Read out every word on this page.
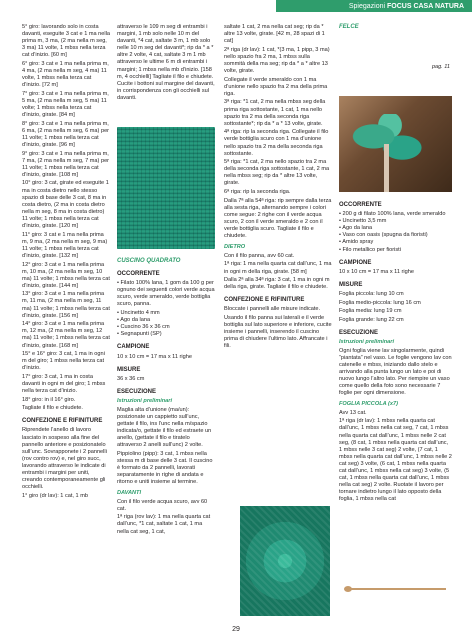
Spiegazioni FOCUS CASA NATURA

5° giro: lavorando solo in costa davanti, eseguite 3 cat e 1 ma nella prima m, 3 ma, (2 ma nella m seg, 3 ma) 11 volte, 1 mbss nella terza cat d’inizio. [60 m]

6° giro: 3 cat e 1 ma nella prima m, 4 ma, (2 ma nella m seg, 4 ma) 11 volte, 1 mbss nella terza cat d’inizio. [72 m]

7° giro: 3 cat e 1 ma nella prima m, 5 ma, (2 ma nella m seg, 5 ma) 11 volte; 1 mbss nella terza cat d’inizio, girate. [84 m]

8° giro: 3 cat e 1 ma nella prima m, 6 ma, (2 ma nella m seg, 6 ma) per 11 volte; 1 mbss nella terza cat d’inizio, girate. [96 m]

9° giro: 3 cat e 1 ma nella prima m, 7 ma, (2 ma nella m seg, 7 ma) per 11 volte; 1 mbss nella terza cat d’inizio, girate. [108 m]

10° giro: 3 cat, girate ed eseguite 1 ma in costa dietro nello stesso spazio di base delle 3 cat, 8 ma in costa dietro, (2 ma in costa dietro nella m seg, 8 ma in costa dietro) 11 volte; 1 mbss nella terza cat d’inizio, girate. [120 m]

11° giro: 3 cat e 1 ma nella prima m, 9 ma, (2 ma nella m seg, 9 ma) 11 volte; 1 mbss nella terza cat d’inizio, girate. [132 m]

12° giro: 3 cat e 1 ma nella prima m, 10 ma, (2 ma nella m seg, 10 ma) 11 volte; 1 mbss nella terza cat d’inizio, girate. [144 m]

13° giro: 3 cat e 1 ma nella prima m, 11 ma, (2 ma nella m seg, 11 ma) 11 volte; 1 mbss nella terza cat d’inizio, girate. [156 m]

14° giro: 3 cat e 1 ma nella prima m, 12 ma, (2 ma nella m seg, 12 ma) 11 volte; 1 mbss nella terza cat d’inizio, girate. [168 m]

15° e 16° giro: 3 cat, 1 ma in ogni m del giro; 1 mbss nella terza cat d’inizio.

17° giro: 3 cat, 1 ma in costa davanti in ogni m del giro; 1 mbss nella terza cat d’inizio.

18° giro: in il 16° giro.

Tagliate il filo e chiudete.

CONFEZIONE E RIFINITURE

Riprendete l’anello di lavoro lasciato in sospeso alla fine del pannello anteriore e posizionatelo sull’unc. Sovrapponete i 2 pannelli (rov contro rov) e, nel giro succ, lavorando attraverso le indicate di entrambi i margini per uniti, creando contemporaneamente gli occhielli.

1° giro (dr lav): 1 cat, 1 mb

attraverso le 109 m seg di entrambi i margini, 1 mb solo nelle 10 m del davanti, *4 cat, saltate 3 m, 1 mb solo nelle 10 m seg del davanti*; rip da * a * altre 2 volte, 4 cat, saltate 3 m 1 mb attraverso le ultime 6 m di entrambi i margini; 1 mbss nella mb d’inizio. [158 m, 4 occhielli] Tagliate il filo e chiudete. Cucite i bottoni sul margine del davanti, in corrispondenza con gli occhielli sul davanti.

CUSCINO QUADRATO
OCCORRENTE

• Filato 100% lana, 1 gom da 100 g per ognuno dei seguenti colori verde acqua scuro, verde smeraldo, verde bottiglia scuro, panna.

• Uncinetto 4 mm
• Ago da lana
• Cuscino 36 x 36 cm
• Segnapunti (SP)
CAMPIONE

10 x 10 cm = 17 ma x 11 righe

MISURE

36 x 36 cm

ESECUZIONE

Istruzioni preliminari

Maglia alta d’unione (ma/un): posizionate un cappietto sull’unc, gettate il filo, ins l’unc nella m/spazio indicata/o, gettate il filo ed estraete un anello, (gettate il filo e tiratelo attraverso 2 anelli sull’unc) 2 volte.

Pippiolino (pipp): 3 cat, 1 mbss nella stessa m di base delle 3 cat. Il cuscino è formato da 2 pannelli, lavorati separatamente in righe di andata e ritorno e uniti insieme al termine.

DAVANTI

Con il filo verde acqua scuro, avv 60 cat.

1ª riga (rov lav): 1 ma nella quarta cat dall’unc, *1 cat, saltate 1 cat, 1 ma nella cat seg, 1 cat,

saltate 1 cat, 2 ma nella cat seg; rip da * altre 13 volte, girate. [42 m, 28 spazi di 1 cat]

2ª riga (dr lav): 1 cat, *(3 ma, 1 pipp, 3 ma) nello spazio fra 2 ma, 1 mbss sulla sommità della ma seg; rip da * a * altre 13 volte, girate.

Collegate il verde smeraldo con 1 ma d’unione nello spazio fra 2 ma della prima riga.

3ª riga: *1 cat, 2 ma nella mbss seg della prima riga sottostante, 1 cat, 1 ma nello spazio tra 2 ma della seconda riga sottostante*; rip da * a * 13 volte, girate.

4ª riga: rip la seconda riga. Collegate il filo verde bottiglia scuro con 1 ma d’unione nello spazio tra 2 ma della seconda riga sottostante.

5ª riga: *1 cat, 2 ma nello spazio tra 2 ma della seconda riga sottostante, 1 cat, 2 ma nella mbss seg; rip da * altre 13 volte, girate.

6ª riga: rip la seconda riga.

Dalla 7ª alla 54ª riga: rip sempre dalla terza alla sesta riga, alternando sempre i colori come segue: 2 righe con il verde acqua scuro, 2 con il verde smeraldo e 2 con il verde bottiglia scuro. Tagliate il filo e chiudete.

DIETRO

Con il filo panna, avv 60 cat.

1ª riga: 1 ma nella quarta cat dall’unc, 1 ma in ogni m della riga, girate. [58 m]

Dalla 2ª alla 34ª riga: 3 cat, 1 ma in ogni m della riga, girate. Tagliate il filo e chiudete.

CONFEZIONE E RIFINITURE

Bloccate i pannelli alle misure indicate.

Usando il filo panna sui laterali e il verde bottiglia sul lato superiore e inferiore, cucite insieme i pannelli, inserendo il cuscino prima di chiudere l’ultimo lato. Affrancate i fili.

FELCE
pag. 11
OCCORRENTE
• 200 g di filato 100% lana, verde smeraldo
• Uncinetto 3,5 mm
• Ago da lana
• Vaso con oasis (spugna da fioristi)
• Amido spray
• Filo metallico per fioristi
CAMPIONE

10 x 10 cm = 17 ma x 11 righe

MISURE

Foglia piccola: lung 10 cm

Foglia medio-piccola: lung 16 cm

Foglia media: lung 19 cm

Foglia grande: lung 22 cm

ESECUZIONE

Istruzioni preliminari

Ogni foglia viene lav singolarmente, quindi “piantata” nel vaso. Le foglie vengono lav con catenelle e mbss, iniziando dallo stelo e arrivando alla punta lungo un lato e poi di nuovo lungo l’altro lato. Per riempire un vaso come quello della foto sono necessarie 7 foglie per ogni dimensione.

FOGLIA PICCOLA (x7)

Avv 13 cat.

1ª riga (dr lav): 1 mbss nella quarta cat dall’unc, 1 mbss nella cat seg, 7 cat, 1 mbss nella quarta cat dall’unc, 1 mbss nelle 2 cat seg, (8 cat, 1 mbss nella quarta cat dall’unc, 1 mbss nelle 3 cat seg) 2 volte, (7 cat, 1 mbss nella quarta cat dall’unc, 1 mbss nelle 2 cat seg) 3 volte, (6 cat, 1 mbss nella quarta cat dall’unc, 1 mbss nella cat seg) 3 volte, (5 cat, 1 mbss nella quarta cat dall’unc, 1 mbss nella cat seg) 2 volte. Ruotate il lavoro per tornare indietro lungo il lato opposto della foglia, 1 mbss nella cat

29
